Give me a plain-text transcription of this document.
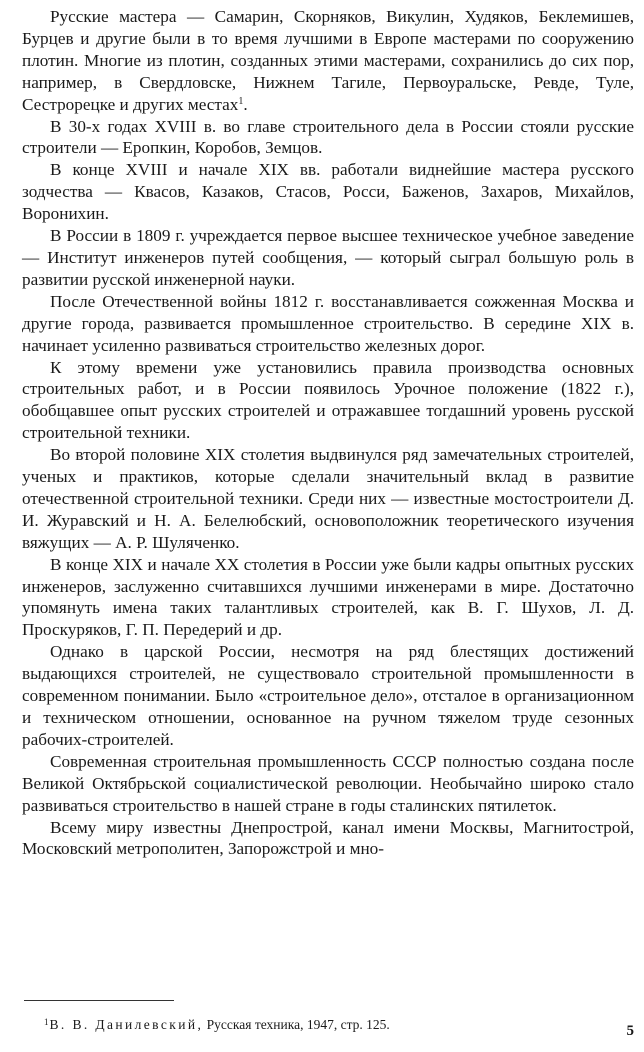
Русские мастера — Самарин, Скорняков, Викулин, Худяков, Беклемишев, Бурцев и другие были в то время лучшими в Европе мастерами по сооружению плотин. Многие из плотин, созданных этими мастерами, сохранились до сих пор, например, в Свердловске, Нижнем Тагиле, Первоуральске, Ревде, Туле, Сестрорецке и других местах$^1$.

В 30-х годах XVIII в. во главе строительного дела в России стояли русские строители — Еропкин, Коробов, Земцов.

В конце XVIII и начале XIX вв. работали виднейшие мастера русского зодчества — Квасов, Казаков, Стасов, Росси, Баженов, Захаров, Михайлов, Воронихин.

В России в 1809 г. учреждается первое высшее техническое учебное заведение — Институт инженеров путей сообщения, — который сыграл большую роль в развитии русской инженерной науки.

После Отечественной войны 1812 г. восстанавливается сожженная Москва и другие города, развивается промышленное строительство. В середине XIX в. начинает усиленно развиваться строительство железных дорог.

К этому времени уже установились правила производства основных строительных работ, и в России появилось Урочное положение (1822 г.), обобщавшее опыт русских строителей и отражавшее тогдашний уровень русской строительной техники.

Во второй половине XIX столетия выдвинулся ряд замечательных строителей, ученых и практиков, которые сделали значительный вклад в развитие отечественной строительной техники. Среди них — известные мостостроители Д. И. Журавский и Н. А. Белелюбский, основоположник теоретического изучения вяжущих — А. Р. Шуляченко.

В конце XIX и начале XX столетия в России уже были кадры опытных русских инженеров, заслуженно считавшихся лучшими инженерами в мире. Достаточно упомянуть имена таких талантливых строителей, как В. Г. Шухов, Л. Д. Проскуряков, Г. П. Передерий и др.

Однако в царской России, несмотря на ряд блестящих достижений выдающихся строителей, не существовало строительной промышленности в современном понимании. Было «строительное дело», отсталое в организационном и техническом отношении, основанное на ручном тяжелом труде сезонных рабочих-строителей.

Современная строительная промышленность СССР полностью создана после Великой Октябрьской социалистической революции. Необычайно широко стало развиваться строительство в нашей стране в годы сталинских пятилеток.

Всему миру известны Днепрострой, канал имени Москвы, Магнитострой, Московский метрополитен, Запорожстрой и мно-

$^1$В. В. Данилевский, Русская техника, 1947, стр. 125.	5
